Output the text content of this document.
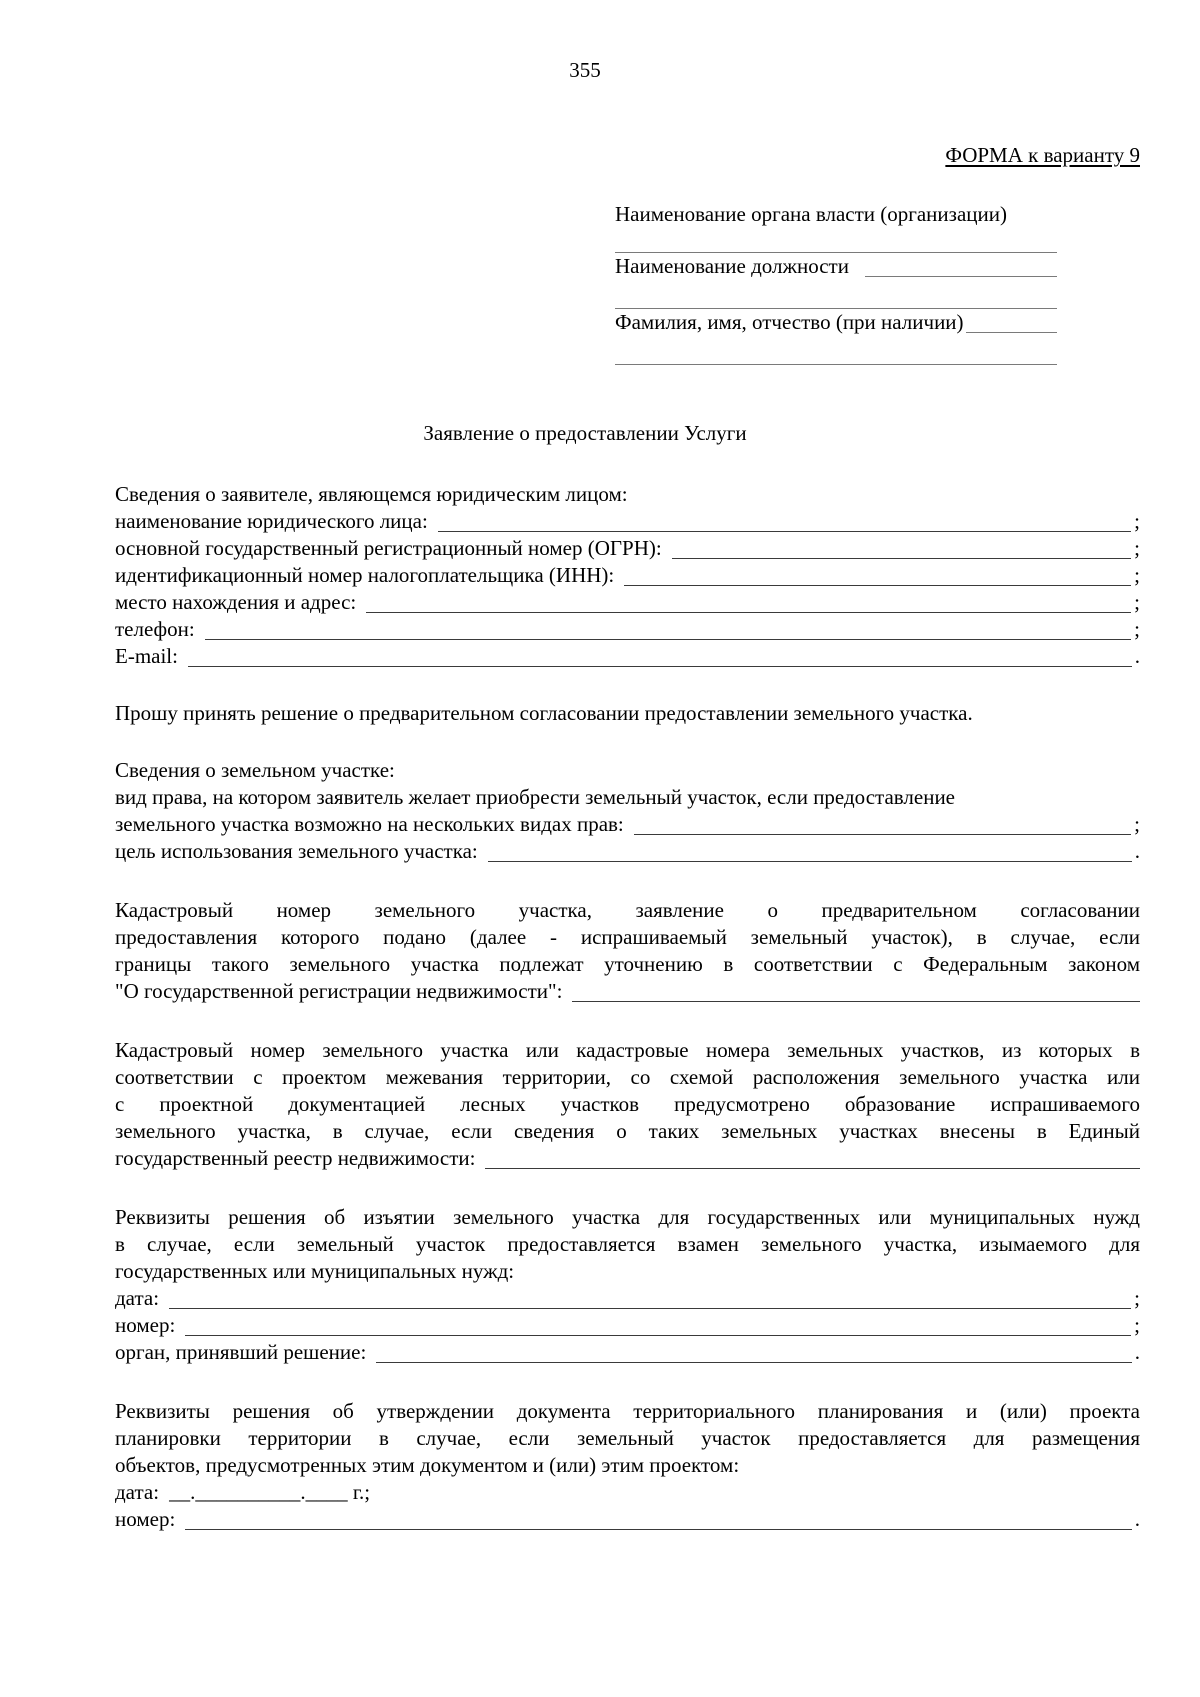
355
ФОРМА к варианту 9
Наименование органа власти (организации)
Наименование должности
Фамилия, имя, отчество (при наличии)
Заявление о предоставлении Услуги
Сведения о заявителе, являющемся юридическим лицом:
наименование юридического лица:	;
основной государственный регистрационный номер (ОГРН):	;
идентификационный номер налогоплательщика (ИНН):	;
место нахождения и адрес:	;
телефон:	;
E-mail:	.
Прошу принять решение о предварительном согласовании предоставлении земельного участка.
Сведения о земельном участке:
вид права, на котором заявитель желает приобрести земельный участок, если предоставление
земельного участка возможно на нескольких видах прав:	;
цель использования земельного участка:	.
Кадастровый номер земельного участка, заявление о предварительном согласовании
предоставления которого подано (далее - испрашиваемый земельный участок), в случае, если
границы такого земельного участка подлежат уточнению в соответствии с Федеральным законом
"О государственной регистрации недвижимости":
Кадастровый номер земельного участка или кадастровые номера земельных участков, из которых в
соответствии с проектом межевания территории, со схемой расположения земельного участка или
с проектной документацией лесных участков предусмотрено образование испрашиваемого
земельного участка, в случае, если сведения о таких земельных участках внесены в Единый
государственный реестр недвижимости:
Реквизиты решения об изъятии земельного участка для государственных или муниципальных нужд
в случае, если земельный участок предоставляется взамен земельного участка, изымаемого для
государственных или муниципальных нужд:
дата:	;
номер:	;
орган, принявший решение:	.
Реквизиты решения об утверждении документа территориального планирования и (или) проекта
планировки территории в случае, если земельный участок предоставляется для размещения
объектов, предусмотренных этим документом и (или) этим проектом:
дата: __.__________.____ г.;
номер:	.
